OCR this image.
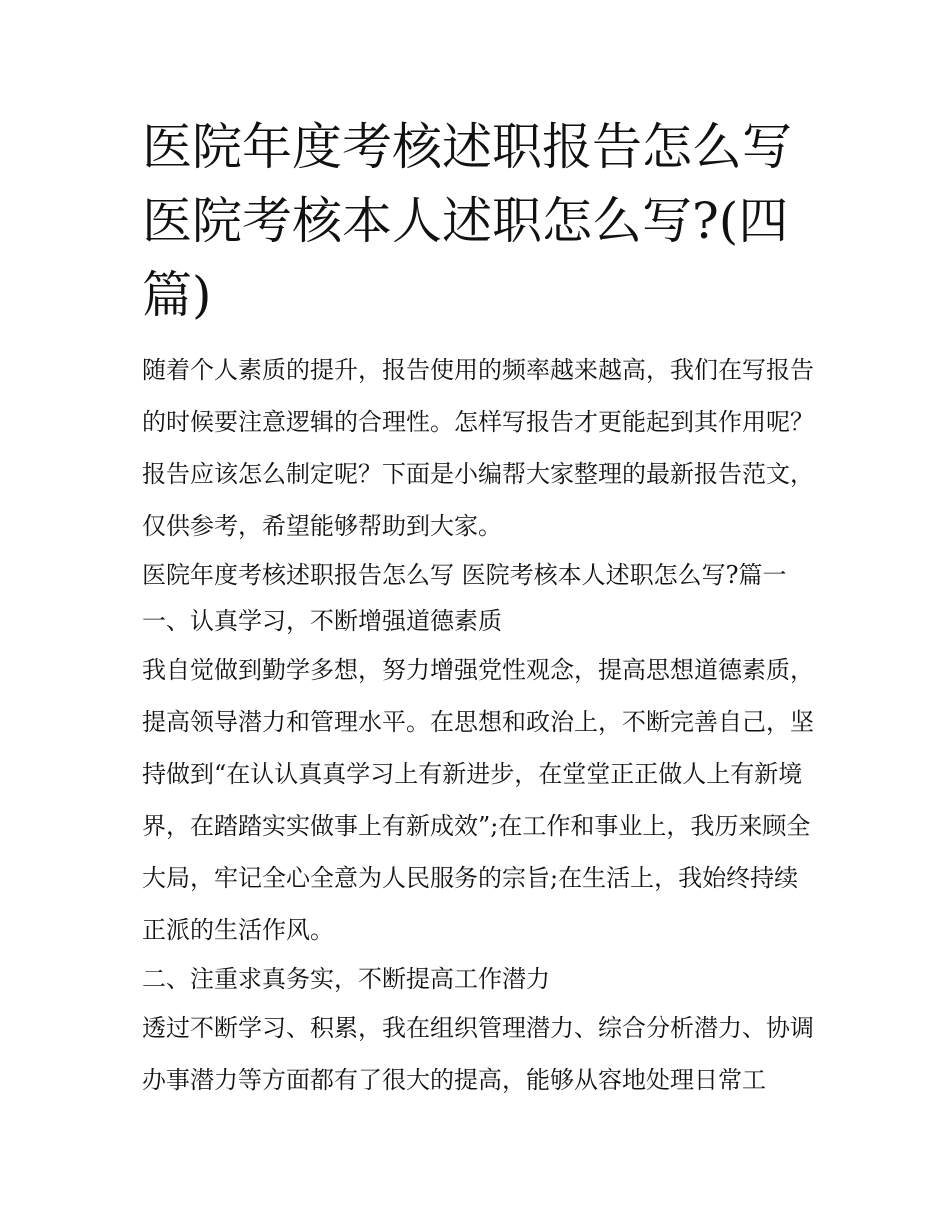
医院年度考核述职报告怎么写 医院考核本人述职怎么写?(四篇)

随着个人素质的提升，报告使用的频率越来越高，我们在写报告的时候要注意逻辑的合理性。怎样写报告才更能起到其作用呢？报告应该怎么制定呢？下面是小编帮大家整理的最新报告范文，仅供参考，希望能够帮助到大家。

医院年度考核述职报告怎么写 医院考核本人述职怎么写?篇一

一、认真学习，不断增强道德素质

我自觉做到勤学多想，努力增强党性观念，提高思想道德素质，提高领导潜力和管理水平。在思想和政治上，不断完善自己，坚持做到“在认认真真学习上有新进步，在堂堂正正做人上有新境界，在踏踏实实做事上有新成效”;在工作和事业上，我历来顾全大局，牢记全心全意为人民服务的宗旨;在生活上，我始终持续正派的生活作风。

二、注重求真务实，不断提高工作潜力

透过不断学习、积累，我在组织管理潜力、综合分析潜力、协调办事潜力等方面都有了很大的提高，能够从容地处理日常工
